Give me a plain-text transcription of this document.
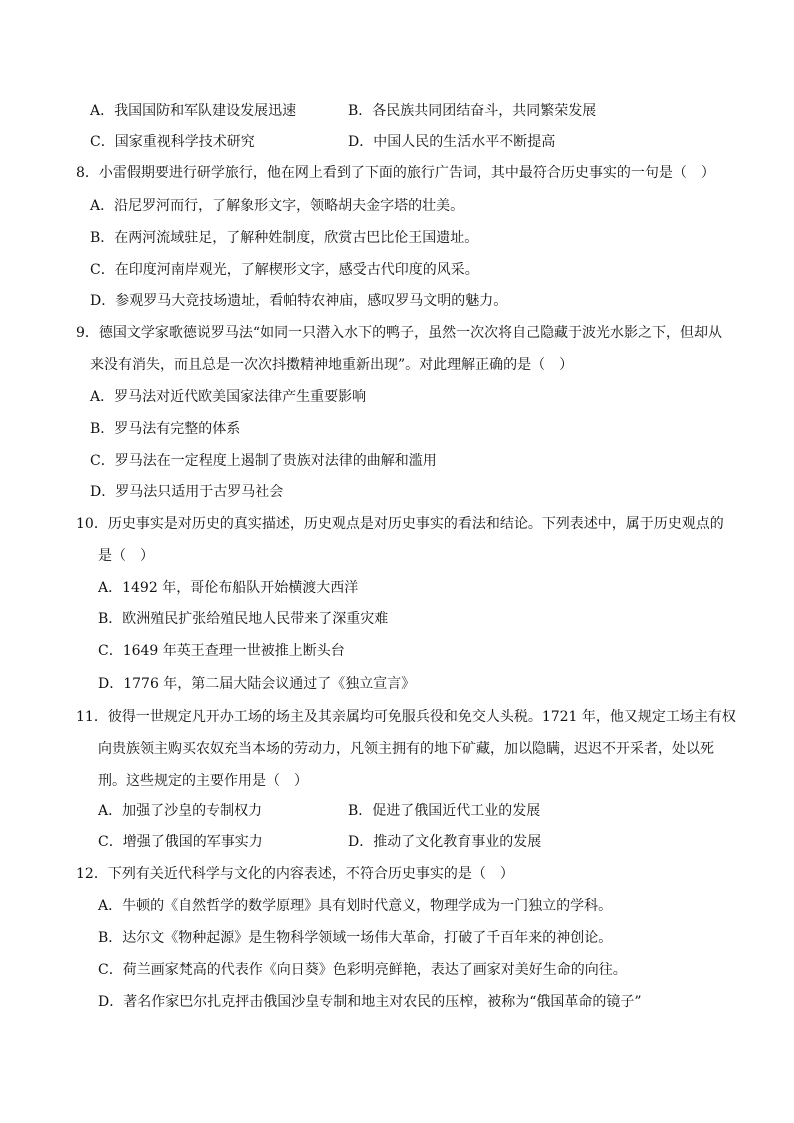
A．我国国防和军队建设发展迅速	B．各民族共同团结奋斗，共同繁荣发展
C．国家重视科学技术研究	D．中国人民的生活水平不断提高
8．小雷假期要进行研学旅行，他在网上看到了下面的旅行广告词，其中最符合历史事实的一句是（　）
A．沿尼罗河而行，了解象形文字，领略胡夫金字塔的壮美。
B．在两河流域驻足，了解种姓制度，欣赏古巴比伦王国遗址。
C．在印度河南岸观光，了解楔形文字，感受古代印度的风采。
D．参观罗马大竞技场遗址，看帕特农神庙，感叹罗马文明的魅力。
9．德国文学家歌德说罗马法“如同一只潜入水下的鸭子，虽然一次次将自己隐藏于波光水影之下，但却从
来没有消失，而且总是一次次抖擞精神地重新出现”。对此理解正确的是（　）
A．罗马法对近代欧美国家法律产生重要影响
B．罗马法有完整的体系
C．罗马法在一定程度上遏制了贵族对法律的曲解和滥用
D．罗马法只适用于古罗马社会
10．历史事实是对历史的真实描述，历史观点是对历史事实的看法和结论。下列表述中，属于历史观点的
是（　）
A．1492 年，哥伦布船队开始横渡大西洋
B．欧洲殖民扩张给殖民地人民带来了深重灾难
C．1649 年英王查理一世被推上断头台
D．1776 年，第二届大陆会议通过了《独立宣言》
11．彼得一世规定凡开办工场的场主及其亲属均可免服兵役和免交人头税。1721 年，他又规定工场主有权
向贵族领主购买农奴充当本场的劳动力，凡领主拥有的地下矿藏，加以隐瞒，迟迟不开采者，处以死
刑。这些规定的主要作用是（　）
A．加强了沙皇的专制权力	B．促进了俄国近代工业的发展
C．增强了俄国的军事实力	D．推动了文化教育事业的发展
12．下列有关近代科学与文化的内容表述，不符合历史事实的是（　）
A．牛顿的《自然哲学的数学原理》具有划时代意义，物理学成为一门独立的学科。
B．达尔文《物种起源》是生物科学领域一场伟大革命，打破了千百年来的神创论。
C．荷兰画家梵高的代表作《向日葵》色彩明亮鲜艳，表达了画家对美好生命的向往。
D．著名作家巴尔扎克抨击俄国沙皇专制和地主对农民的压榨，被称为“俄国革命的镜子”
